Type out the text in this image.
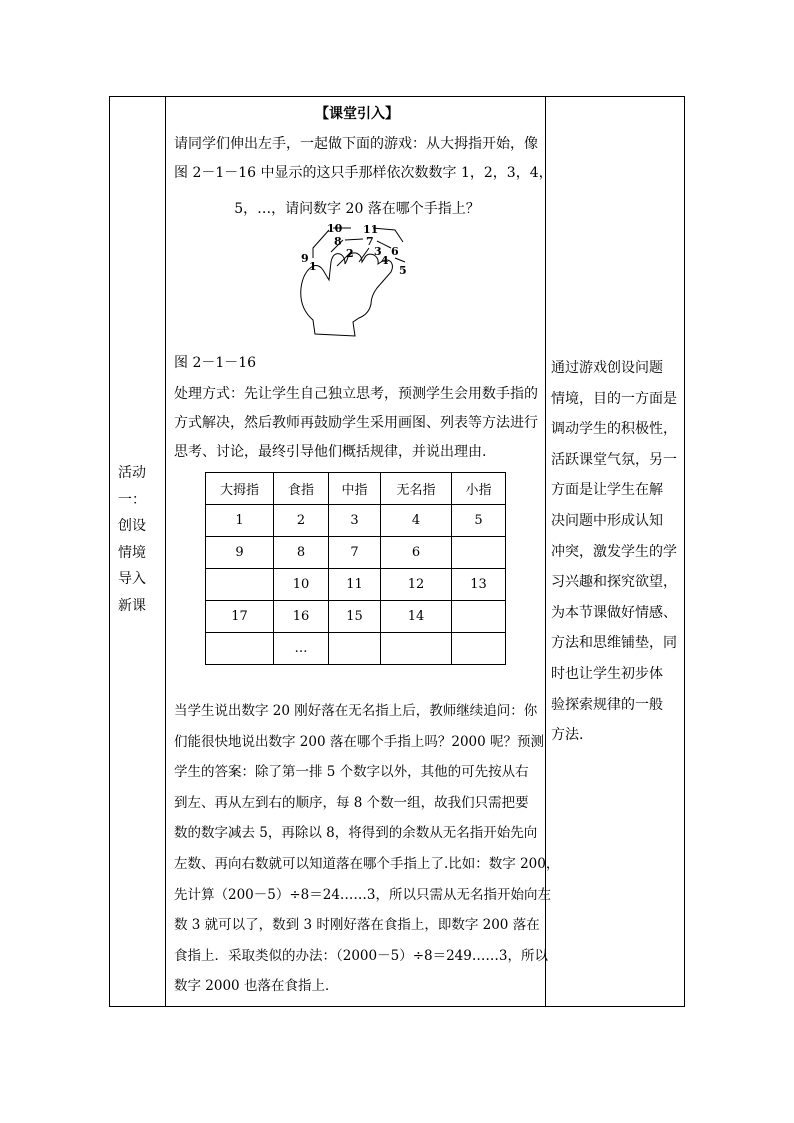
活动
一：
创设
情境
导入
新课
【课堂引入】
请同学们伸出左手，一起做下面的游戏：从大拇指开始，像
图 2－1－16 中显示的这只手那样依次数数字 1，2，3，4，
5，…，请问数字 20 落在哪个手指上？
10 11
8 7
9	2 3 6
1	4
5
图 2－1－16
处理方式：先让学生自己独立思考，预测学生会用数手指的
方式解决，然后教师再鼓励学生采用画图、列表等方法进行
思考、讨论，最终引导他们概括规律，并说出理由.
大拇指	食指	中指	无名指	小指
1	2	3	4	5
9	8	7	6	
	10	11	12	13
17	16	15	14	
	…			
当学生说出数字 20 刚好落在无名指上后，教师继续追问：你
们能很快地说出数字 200 落在哪个手指上吗？2000 呢？预测
学生的答案：除了第一排 5 个数字以外，其他的可先按从右
到左、再从左到右的顺序，每 8 个数一组，故我们只需把要
数的数字减去 5，再除以 8，将得到的余数从无名指开始先向
左数、再向右数就可以知道落在哪个手指上了.比如：数字 200，
先计算（200－5）÷8＝24……3，所以只需从无名指开始向左
数 3 就可以了，数到 3 时刚好落在食指上，即数字 200 落在
食指上．采取类似的办法：（2000－5）÷8＝249……3，所以
数字 2000 也落在食指上．
通过游戏创设问题
情境，目的一方面是
调动学生的积极性，
活跃课堂气氛，另一
方面是让学生在解
决问题中形成认知
冲突，激发学生的学
习兴趣和探究欲望，
为本节课做好情感、
方法和思维铺垫，同
时也让学生初步体
验探索规律的一般
方法.
